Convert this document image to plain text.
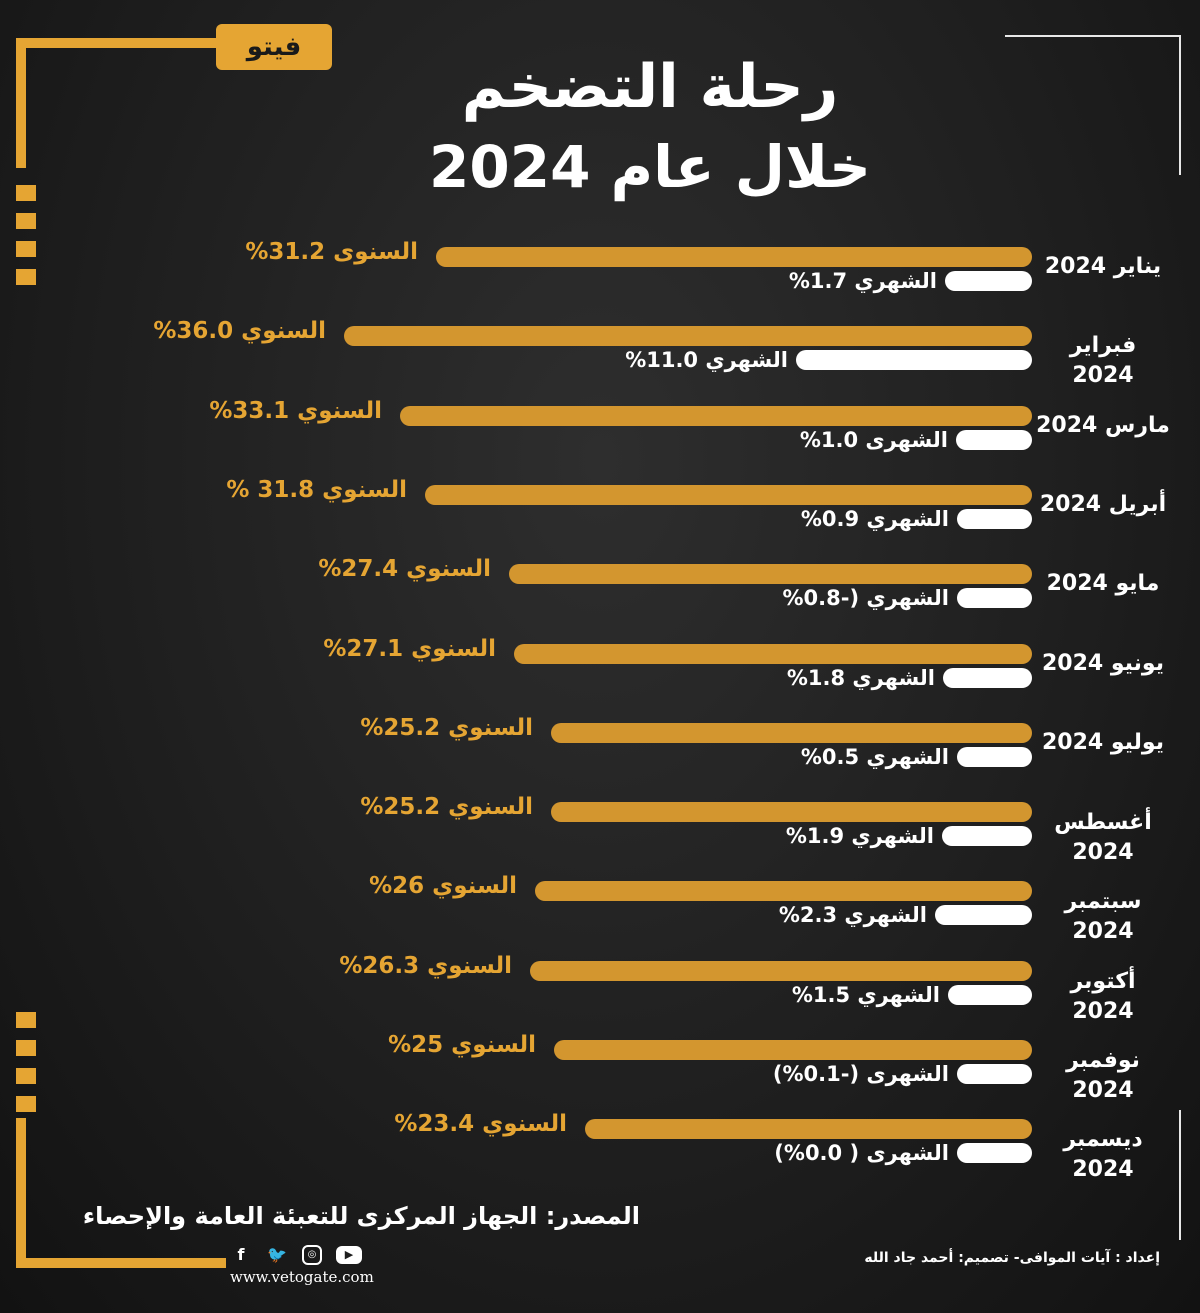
فيتو
رحلة التضخم
خلال عام 2024
السنوى 31.2%
الشهري 1.7%
يناير 2024
السنوي 36.0%
الشهري 11.0%
فبراير 2024
السنوي 33.1%
الشهرى 1.0%
مارس 2024
السنوي 31.8 %
الشهري 0.9%
أبريل 2024
السنوي 27.4%
الشهري (-0.8%
مايو 2024
السنوي 27.1%
الشهري 1.8%
يونيو 2024
السنوي 25.2%
الشهري 0.5%
يوليو 2024
السنوي 25.2%
الشهري 1.9%
أغسطس
2024
السنوي 26%
الشهري 2.3%
سبتمبر
2024
السنوي 26.3%
الشهري 1.5%
أكتوبر
2024
السنوي 25%
الشهرى (-0.1%)
نوفمبر
2024
السنوي 23.4%
الشهرى ( 0.0%)
ديسمبر
2024
المصدر: الجهاز المركزى للتعبئة العامة والإحصاء
f	🐦	◎	▶
www.vetogate.com
إعداد : آيات الموافى- تصميم: أحمد جاد الله
